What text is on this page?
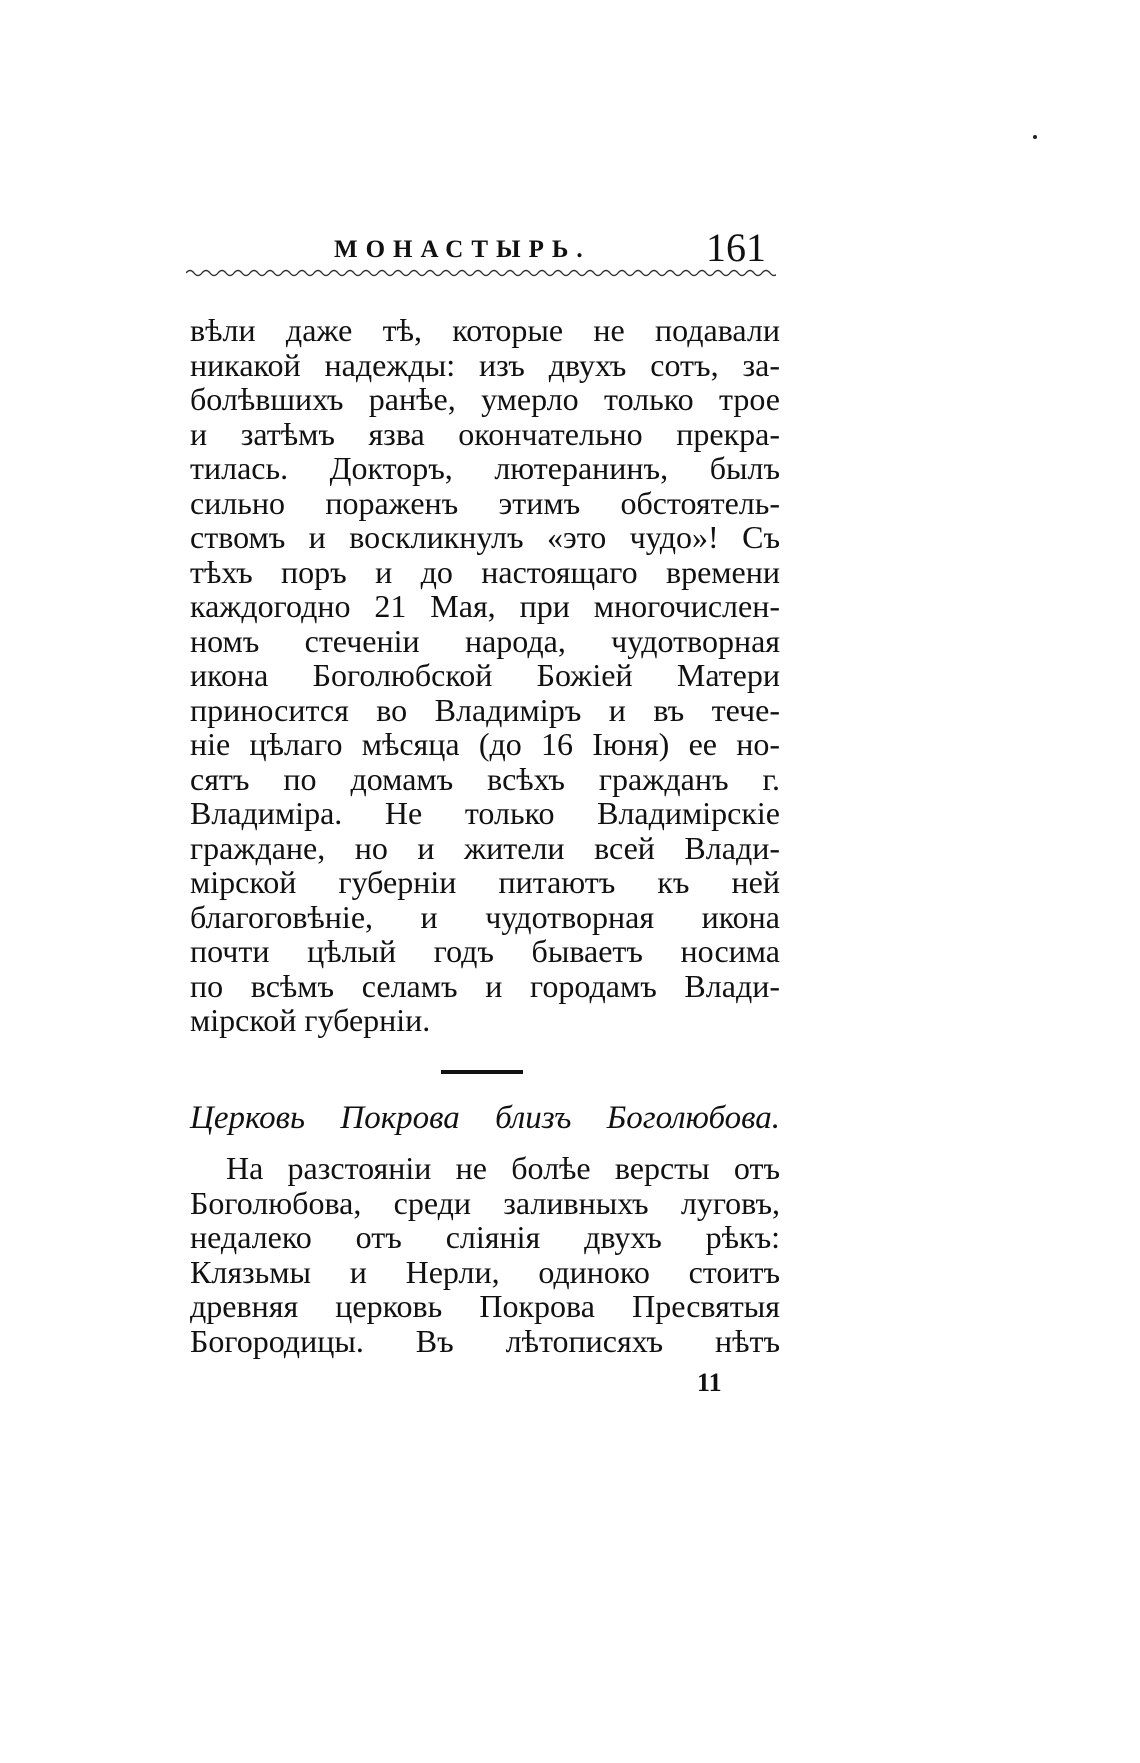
МОНАСТЫРЬ.	161
вѣли даже тѣ, которые не подавали
никакой надежды: изъ двухъ сотъ, за-
болѣвшихъ ранѣе, умерло только трое
и затѣмъ язва окончательно прекра-
тилась. Докторъ, лютеранинъ, былъ
сильно пораженъ этимъ обстоятель-
ствомъ и воскликнулъ «это чудо»! Съ
тѣхъ поръ и до настоящаго времени
каждогодно 21 Мая, при многочислен-
номъ стеченіи народа, чудотворная
икона Боголюбской Божіей Матери
приносится во Владиміръ и въ тече-
ніе цѣлаго мѣсяца (до 16 Іюня) ее но-
сятъ по домамъ всѣхъ гражданъ г.
Владиміра. Не только Владимірскіе
граждане, но и жители всей Влади-
мірской губерніи питаютъ къ ней
благоговѣніе, и чудотворная икона
почти цѣлый годъ бываетъ носима
по всѣмъ селамъ и городамъ Влади-
мірской губерніи.
Церковь Покрова близъ Боголюбова.
На разстояніи не болѣе версты отъ
Боголюбова, среди заливныхъ луговъ,
недалеко отъ сліянія двухъ рѣкъ:
Клязьмы и Нерли, одиноко стоитъ
древняя церковь Покрова Пресвятыя
Богородицы. Въ лѣтописяхъ нѣтъ
11
